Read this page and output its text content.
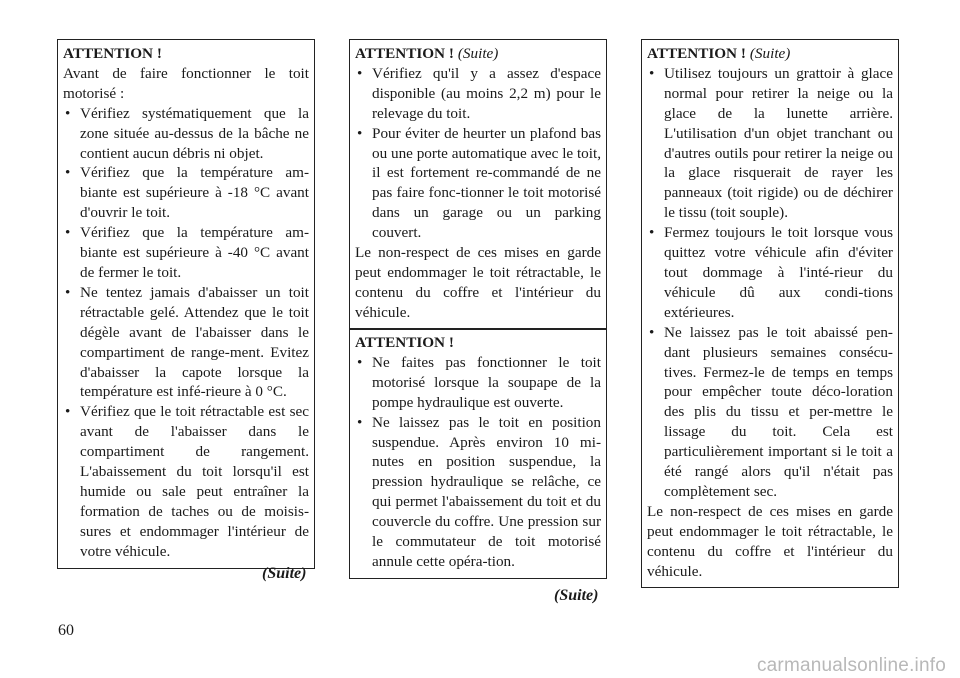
ATTENTION !
Avant de faire fonctionner le toit motorisé :
• Vérifiez systématiquement que la zone située au-dessus de la bâche ne contient aucun débris ni objet.
• Vérifiez que la température am-biante est supérieure à -18 °C avant d'ouvrir le toit.
• Vérifiez que la température am-biante est supérieure à -40 °C avant de fermer le toit.
• Ne tentez jamais d'abaisser un toit rétractable gelé. Attendez que le toit dégèle avant de l'abaisser dans le compartiment de range-ment. Evitez d'abaisser la capote lorsque la température est infé-rieure à 0 °C.
• Vérifiez que le toit rétractable est sec avant de l'abaisser dans le compartiment de rangement. L'abaissement du toit lorsqu'il est humide ou sale peut entraîner la formation de taches ou de moisis-sures et endommager l'intérieur de votre véhicule.
(Suite)
ATTENTION ! (Suite)
• Vérifiez qu'il y a assez d'espace disponible (au moins 2,2 m) pour le relevage du toit.
• Pour éviter de heurter un plafond bas ou une porte automatique avec le toit, il est fortement re-commandé de ne pas faire fonc-tionner le toit motorisé dans un garage ou un parking couvert.
Le non-respect de ces mises en garde peut endommager le toit rétractable, le contenu du coffre et l'intérieur du véhicule.
ATTENTION !
• Ne faites pas fonctionner le toit motorisé lorsque la soupape de la pompe hydraulique est ouverte.
• Ne laissez pas le toit en position suspendue. Après environ 10 mi-nutes en position suspendue, la pression hydraulique se relâche, ce qui permet l'abaissement du toit et du couvercle du coffre. Une pression sur le commutateur de toit motorisé annule cette opéra-tion.
(Suite)
ATTENTION ! (Suite)
• Utilisez toujours un grattoir à glace normal pour retirer la neige ou la glace de la lunette arrière. L'utilisation d'un objet tranchant ou d'autres outils pour retirer la neige ou la glace risquerait de rayer les panneaux (toit rigide) ou de déchirer le tissu (toit souple).
• Fermez toujours le toit lorsque vous quittez votre véhicule afin d'éviter tout dommage à l'inté-rieur du véhicule dû aux condi-tions extérieures.
• Ne laissez pas le toit abaissé pen-dant plusieurs semaines consécu-tives. Fermez-le de temps en temps pour empêcher toute déco-loration des plis du tissu et per-mettre le lissage du toit. Cela est particulièrement important si le toit a été rangé alors qu'il n'était pas complètement sec.
Le non-respect de ces mises en garde peut endommager le toit rétractable, le contenu du coffre et l'intérieur du véhicule.
60
carmanualsonline.info
